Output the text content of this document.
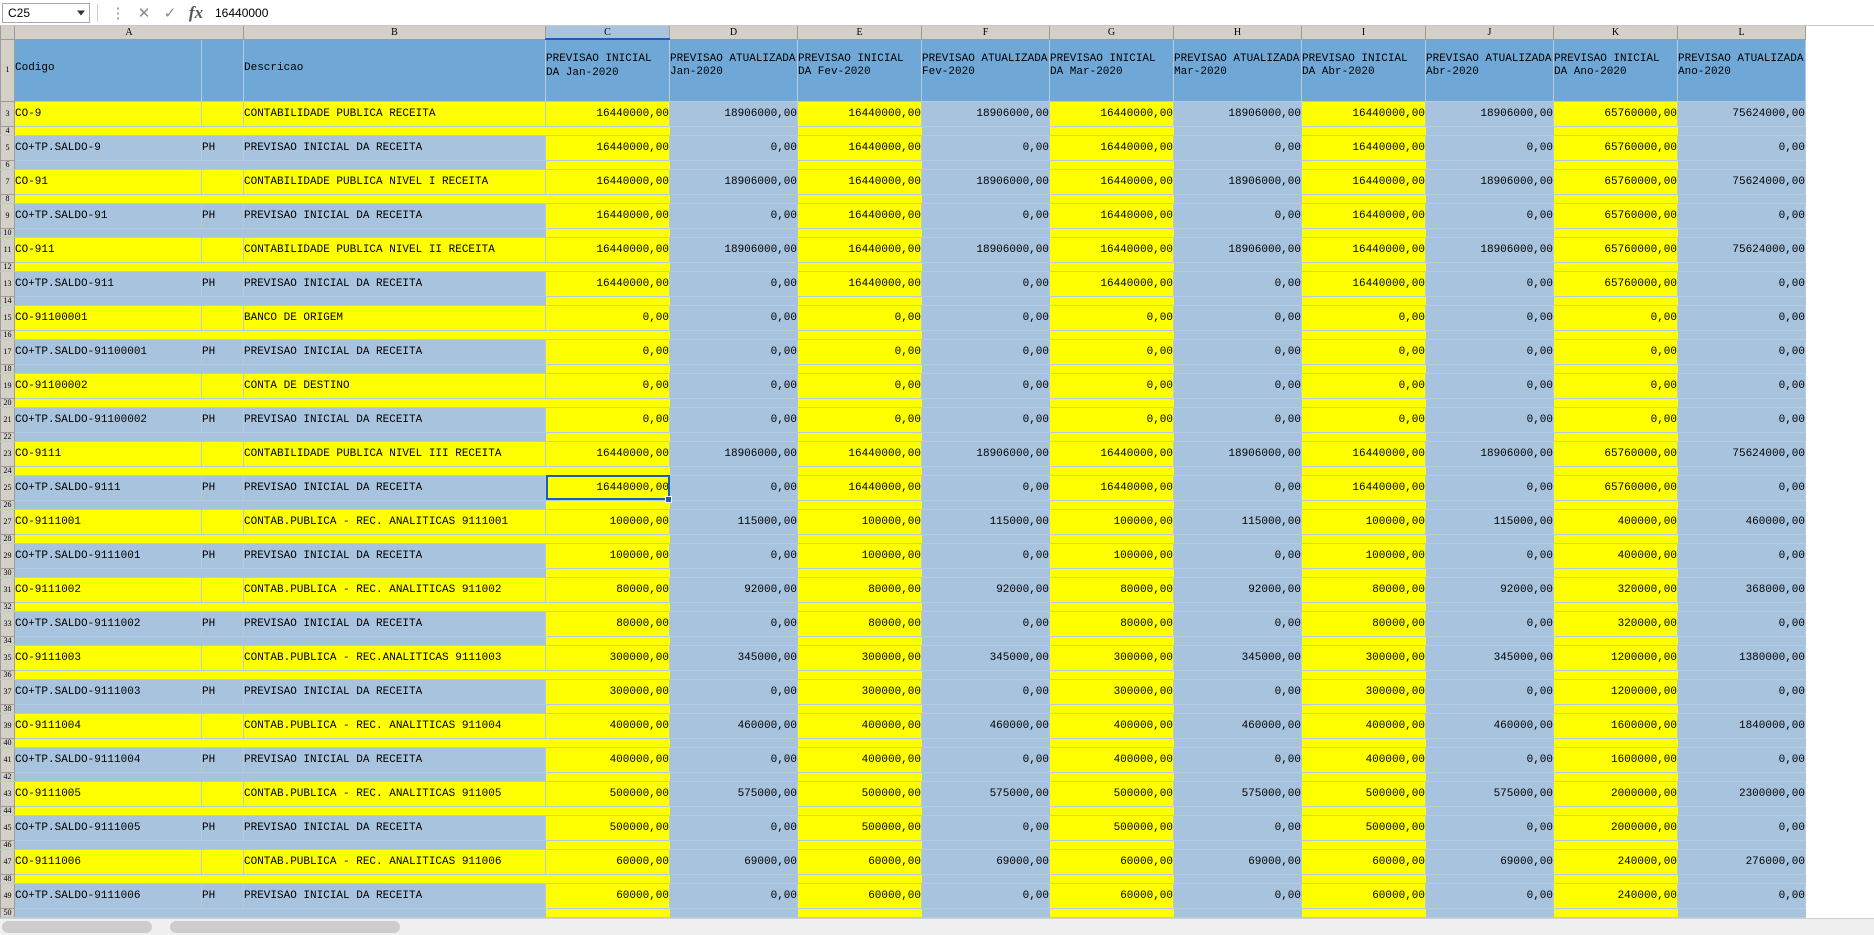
C25	⋮ ✕ ✓ fx 16440000
	A		B	C	D	E	F	G	H	I	J	K	L
1	Codigo		Descricao	PREVISAO INICIAL DA Jan-2020	PREVISAO ATUALIZADA Jan-2020	PREVISAO INICIAL DA Fev-2020	PREVISAO ATUALIZADA Fev-2020	PREVISAO INICIAL DA Mar-2020	PREVISAO ATUALIZADA Mar-2020	PREVISAO INICIAL DA Abr-2020	PREVISAO ATUALIZADA Abr-2020	PREVISAO INICIAL DA Ano-2020	PREVISAO ATUALIZADA Ano-2020
3	CO-9		CONTABILIDADE PUBLICA RECEITA	16440000,00	18906000,00	16440000,00	18906000,00	16440000,00	18906000,00	16440000,00	18906000,00	65760000,00	75624000,00
4													
5	CO+TP.SALDO-9	PH	PREVISAO INICIAL DA RECEITA	16440000,00	0,00	16440000,00	0,00	16440000,00	0,00	16440000,00	0,00	65760000,00	0,00
6													
7	CO-91		CONTABILIDADE PUBLICA NIVEL I RECEITA	16440000,00	18906000,00	16440000,00	18906000,00	16440000,00	18906000,00	16440000,00	18906000,00	65760000,00	75624000,00
8													
9	CO+TP.SALDO-91	PH	PREVISAO INICIAL DA RECEITA	16440000,00	0,00	16440000,00	0,00	16440000,00	0,00	16440000,00	0,00	65760000,00	0,00
10													
11	CO-911		CONTABILIDADE PUBLICA NIVEL II RECEITA	16440000,00	18906000,00	16440000,00	18906000,00	16440000,00	18906000,00	16440000,00	18906000,00	65760000,00	75624000,00
12													
13	CO+TP.SALDO-911	PH	PREVISAO INICIAL DA RECEITA	16440000,00	0,00	16440000,00	0,00	16440000,00	0,00	16440000,00	0,00	65760000,00	0,00
14													
15	CO-91100001		BANCO DE ORIGEM	0,00	0,00	0,00	0,00	0,00	0,00	0,00	0,00	0,00	0,00
16													
17	CO+TP.SALDO-91100001	PH	PREVISAO INICIAL DA RECEITA	0,00	0,00	0,00	0,00	0,00	0,00	0,00	0,00	0,00	0,00
18													
19	CO-91100002		CONTA DE DESTINO	0,00	0,00	0,00	0,00	0,00	0,00	0,00	0,00	0,00	0,00
20													
21	CO+TP.SALDO-91100002	PH	PREVISAO INICIAL DA RECEITA	0,00	0,00	0,00	0,00	0,00	0,00	0,00	0,00	0,00	0,00
22													
23	CO-9111		CONTABILIDADE PUBLICA NIVEL III RECEITA	16440000,00	18906000,00	16440000,00	18906000,00	16440000,00	18906000,00	16440000,00	18906000,00	65760000,00	75624000,00
24													
25	CO+TP.SALDO-9111	PH	PREVISAO INICIAL DA RECEITA	16440000,00	0,00	16440000,00	0,00	16440000,00	0,00	16440000,00	0,00	65760000,00	0,00
26													
27	CO-9111001		CONTAB.PUBLICA - REC. ANALITICAS 9111001	100000,00	115000,00	100000,00	115000,00	100000,00	115000,00	100000,00	115000,00	400000,00	460000,00
28													
29	CO+TP.SALDO-9111001	PH	PREVISAO INICIAL DA RECEITA	100000,00	0,00	100000,00	0,00	100000,00	0,00	100000,00	0,00	400000,00	0,00
30													
31	CO-9111002		CONTAB.PUBLICA - REC. ANALITICAS 911002	80000,00	92000,00	80000,00	92000,00	80000,00	92000,00	80000,00	92000,00	320000,00	368000,00
32													
33	CO+TP.SALDO-9111002	PH	PREVISAO INICIAL DA RECEITA	80000,00	0,00	80000,00	0,00	80000,00	0,00	80000,00	0,00	320000,00	0,00
34													
35	CO-9111003		CONTAB.PUBLICA - REC.ANALITICAS 9111003	300000,00	345000,00	300000,00	345000,00	300000,00	345000,00	300000,00	345000,00	1200000,00	1380000,00
36													
37	CO+TP.SALDO-9111003	PH	PREVISAO INICIAL DA RECEITA	300000,00	0,00	300000,00	0,00	300000,00	0,00	300000,00	0,00	1200000,00	0,00
38													
39	CO-9111004		CONTAB.PUBLICA - REC. ANALITICAS 911004	400000,00	460000,00	400000,00	460000,00	400000,00	460000,00	400000,00	460000,00	1600000,00	1840000,00
40													
41	CO+TP.SALDO-9111004	PH	PREVISAO INICIAL DA RECEITA	400000,00	0,00	400000,00	0,00	400000,00	0,00	400000,00	0,00	1600000,00	0,00
42													
43	CO-9111005		CONTAB.PUBLICA - REC. ANALITICAS 911005	500000,00	575000,00	500000,00	575000,00	500000,00	575000,00	500000,00	575000,00	2000000,00	2300000,00
44													
45	CO+TP.SALDO-9111005	PH	PREVISAO INICIAL DA RECEITA	500000,00	0,00	500000,00	0,00	500000,00	0,00	500000,00	0,00	2000000,00	0,00
46													
47	CO-9111006		CONTAB.PUBLICA - REC. ANALITICAS 911006	60000,00	69000,00	60000,00	69000,00	60000,00	69000,00	60000,00	69000,00	240000,00	276000,00
48													
49	CO+TP.SALDO-9111006	PH	PREVISAO INICIAL DA RECEITA	60000,00	0,00	60000,00	0,00	60000,00	0,00	60000,00	0,00	240000,00	0,00
50													
